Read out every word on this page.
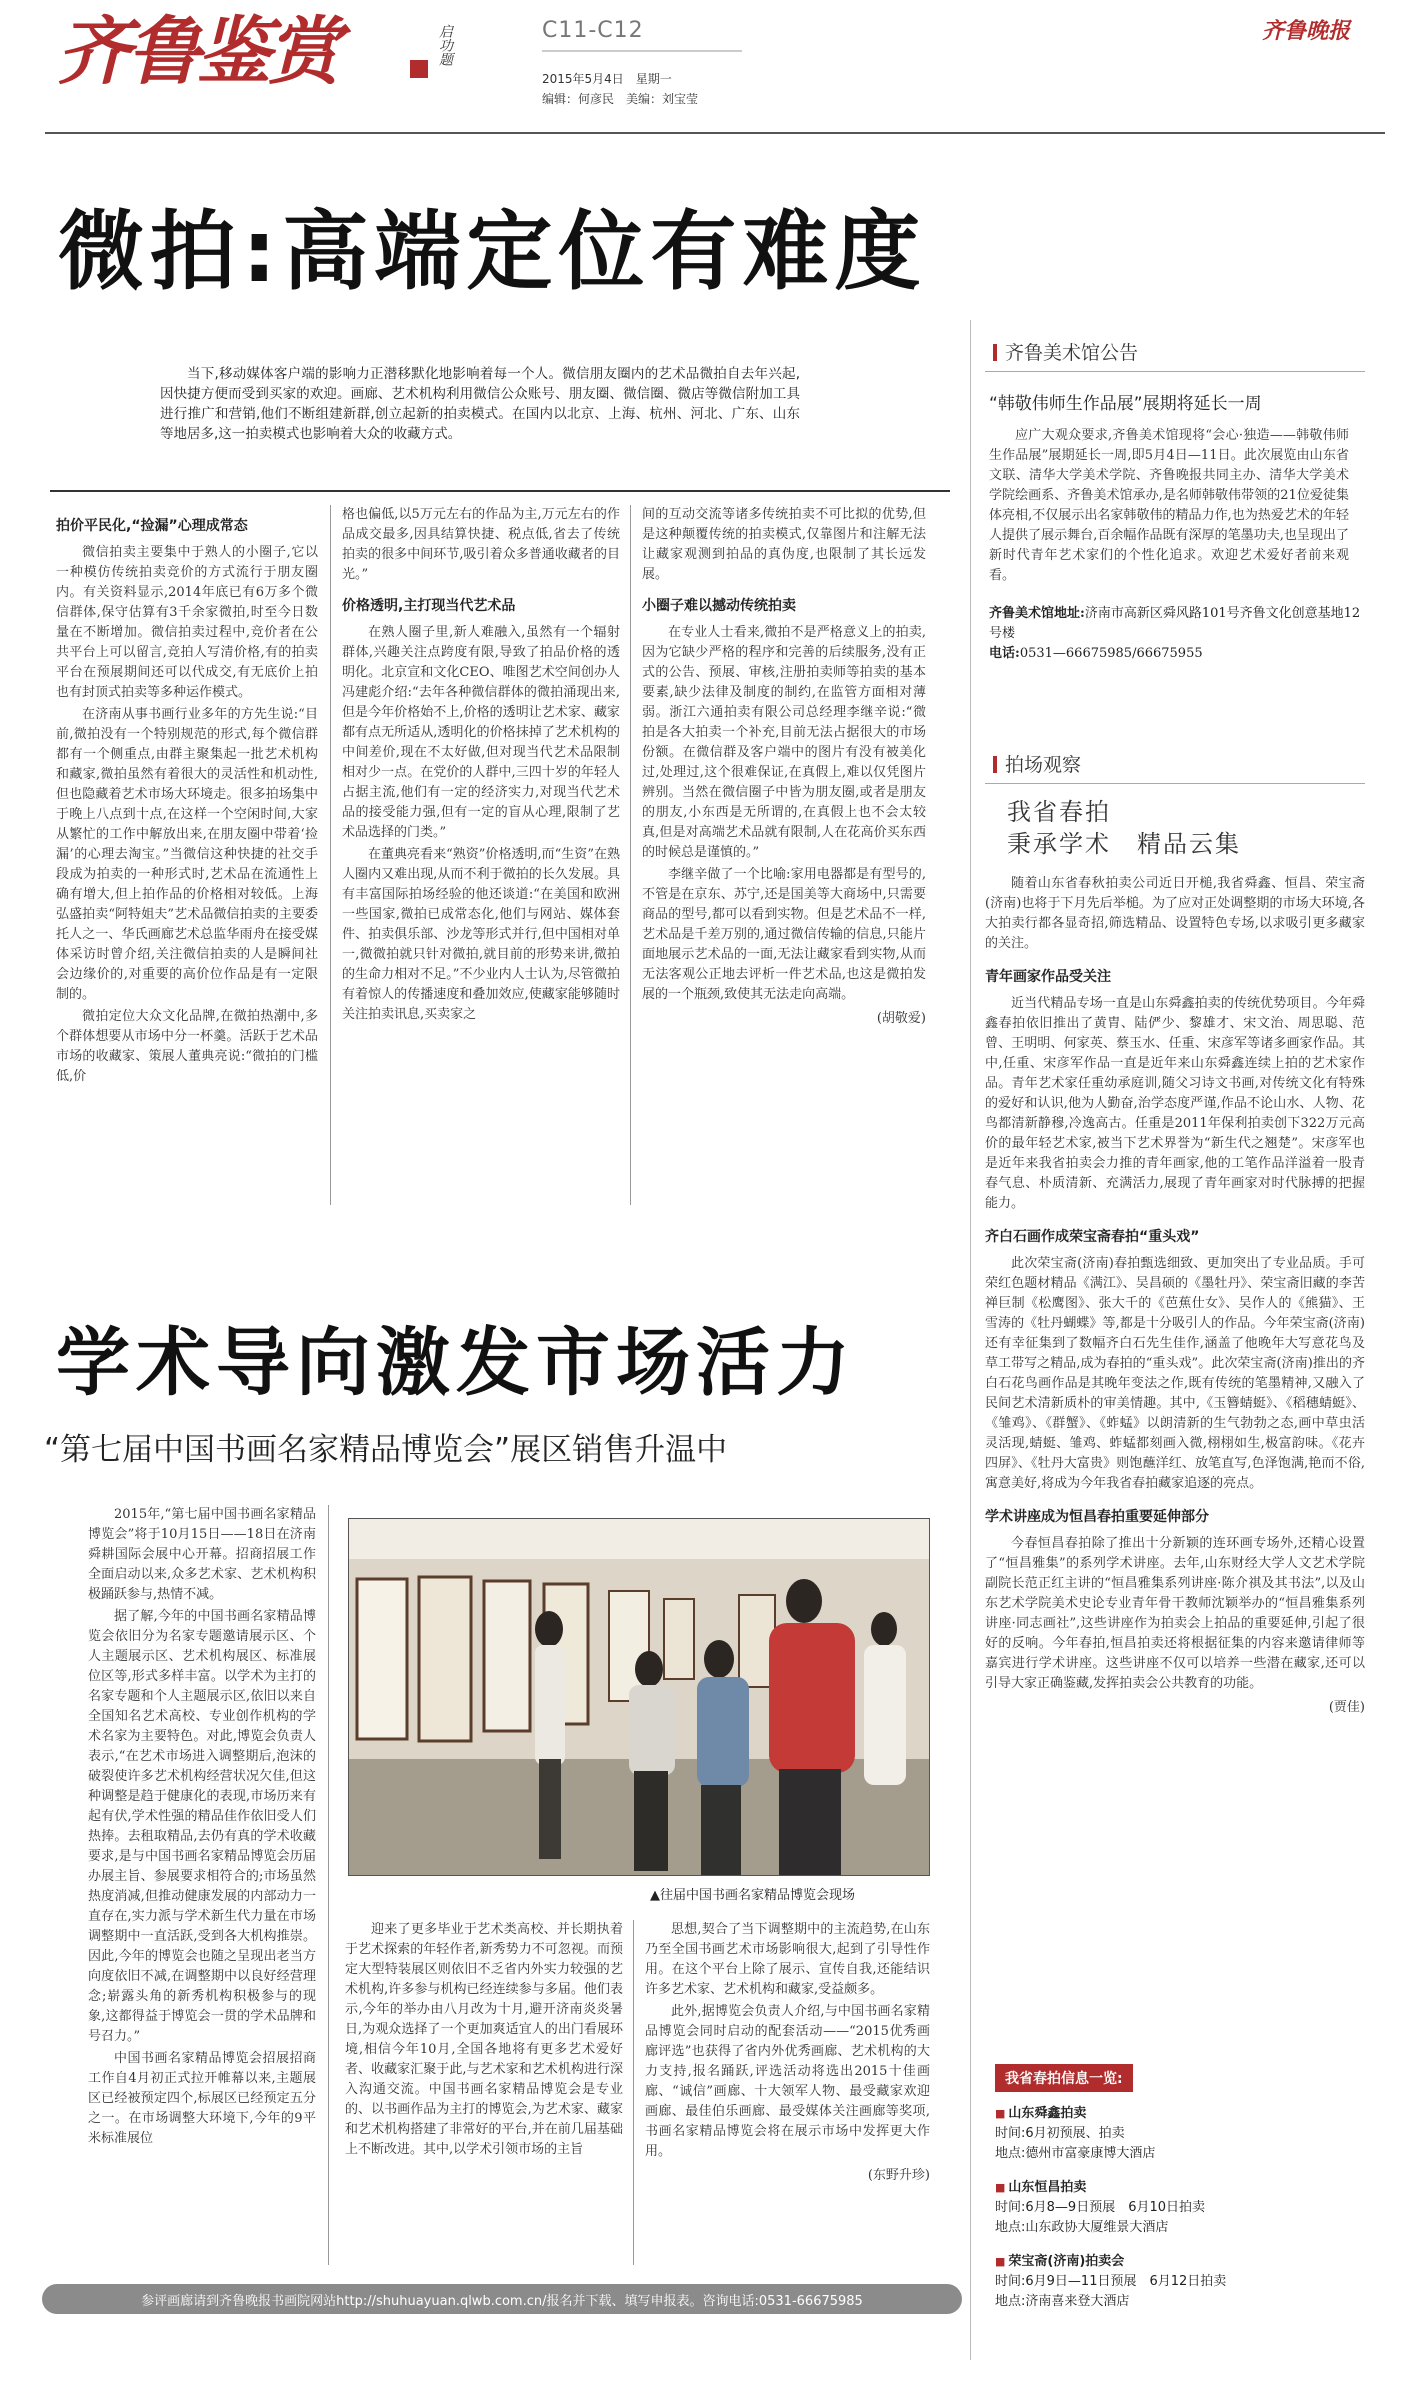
齐鲁鉴赏	启功题	C11-C12
2015年5月4日　星期一
编辑：何彦民　美编：刘宝莹
齐鲁晚报
微拍:高端定位有难度
当下,移动媒体客户端的影响力正潜移默化地影响着每一个人。微信朋友圈内的艺术品微拍自去年兴起,因快捷方便而受到买家的欢迎。画廊、艺术机构利用微信公众账号、朋友圈、微信圈、微店等微信附加工具进行推广和营销,他们不断组建新群,创立起新的拍卖模式。在国内以北京、上海、杭州、河北、广东、山东等地居多,这一拍卖模式也影响着大众的收藏方式。
拍价平民化,“捡漏”心理成常态

微信拍卖主要集中于熟人的小圈子,它以一种模仿传统拍卖竞价的方式流行于朋友圈内。有关资料显示,2014年底已有6万多个微信群体,保守估算有3千余家微拍,时至今日数量在不断增加。微信拍卖过程中,竞价者在公共平台上可以留言,竞拍人写清价格,有的拍卖平台在预展期间还可以代成交,有无底价上拍也有封顶式拍卖等多种运作模式。

在济南从事书画行业多年的方先生说:“目前,微拍没有一个特别规范的形式,每个微信群都有一个侧重点,由群主聚集起一批艺术机构和藏家,微拍虽然有着很大的灵活性和机动性,但也隐藏着艺术市场大环境走。很多拍场集中于晚上八点到十点,在这样一个空闲时间,大家从繁忙的工作中解放出来,在朋友圈中带着‘捡漏’的心理去淘宝。”当微信这种快捷的社交手段成为拍卖的一种形式时,艺术品在流通性上确有增大,但上拍作品的价格相对较低。上海弘盛拍卖“阿特姐夫”艺术品微信拍卖的主要委托人之一、华氏画廊艺术总监华雨舟在接受媒体采访时曾介绍,关注微信拍卖的人是瞬间社会边缘价的,对重要的高价位作品是有一定限制的。

微拍定位大众文化品牌,在微拍热潮中,多个群体想要从市场中分一杯羹。活跃于艺术品市场的收藏家、策展人董典亮说:“微拍的门槛低,价

格也偏低,以5万元左右的作品为主,万元左右的作品成交最多,因具结算快捷、税点低,省去了传统拍卖的很多中间环节,吸引着众多普通收藏者的目光。”

价格透明,主打现当代艺术品

在熟人圈子里,新人难融入,虽然有一个辐射群体,兴趣关注点跨度有限,导致了拍品价格的透明化。北京宣和文化CEO、唯图艺术空间创办人冯建彪介绍:“去年各种微信群体的微拍涌现出来,但是今年价格始不上,价格的透明让艺术家、藏家都有点无所适从,透明化的价格抹掉了艺术机构的中间差价,现在不太好做,但对现当代艺术品限制相对少一点。在党价的人群中,三四十岁的年轻人占据主流,他们有一定的经济实力,对现当代艺术品的接受能力强,但有一定的盲从心理,限制了艺术品选择的门类。”

在董典亮看来“熟资”价格透明,而“生资”在熟人圈内又难出现,从而不利于微拍的长久发展。具有丰富国际拍场经验的他还谈道:“在美国和欧洲一些国家,微拍已成常态化,他们与网站、媒体套件、拍卖俱乐部、沙龙等形式并行,但中国相对单一,微微拍就只针对微拍,就目前的形势来讲,微拍的生命力相对不足。”不少业内人士认为,尽管微拍有着惊人的传播速度和叠加效应,使藏家能够随时关注拍卖讯息,买卖家之

间的互动交流等诸多传统拍卖不可比拟的优势,但是这种颠覆传统的拍卖模式,仅靠图片和注解无法让藏家观测到拍品的真伪度,也限制了其长远发展。

小圈子难以撼动传统拍卖

在专业人士看来,微拍不是严格意义上的拍卖,因为它缺少严格的程序和完善的后续服务,没有正式的公告、预展、审核,注册拍卖师等拍卖的基本要素,缺少法律及制度的制约,在监管方面相对薄弱。浙江六通拍卖有限公司总经理李继辛说:“微拍是各大拍卖一个补充,目前无法占据很大的市场份额。在微信群及客户端中的图片有没有被美化过,处理过,这个很难保证,在真假上,难以仅凭图片辨别。当然在微信圈子中皆为朋友圈,或者是朋友的朋友,小东西是无所谓的,在真假上也不会太较真,但是对高端艺术品就有限制,人在花高价买东西的时候总是谨慎的。”

李继辛做了一个比喻:家用电器都是有型号的,不管是在京东、苏宁,还是国美等大商场中,只需要商品的型号,都可以看到实物。但是艺术品不一样,艺术品是千差万别的,通过微信传输的信息,只能片面地展示艺术品的一面,无法让藏家看到实物,从而无法客观公正地去评析一件艺术品,也这是微拍发展的一个瓶颈,致使其无法走向高端。

(胡敬爱)
学术导向激发市场活力
“第七届中国书画名家精品博览会”展区销售升温中

2015年,“第七届中国书画名家精品博览会”将于10月15日——18日在济南舜耕国际会展中心开幕。招商招展工作全面启动以来,众多艺术家、艺术机构积极踊跃参与,热情不减。

据了解,今年的中国书画名家精品博览会依旧分为名家专题邀请展示区、个人主题展示区、艺术机构展区、标准展位区等,形式多样丰富。以学术为主打的名家专题和个人主题展示区,依旧以来自全国知名艺术高校、专业创作机构的学术名家为主要特色。对此,博览会负责人表示,“在艺术市场进入调整期后,泡沫的破裂使许多艺术机构经营状况欠佳,但这种调整是趋于健康化的表现,市场历来有起有伏,学术性强的精品佳作依旧受人们热捧。去租取精品,去仍有真的学术收藏要求,是与中国书画名家精品博览会历届办展主旨、参展要求相符合的;市场虽然热度消减,但推动健康发展的内部动力一直存在,实力派与学术新生代力量在市场调整期中一直活跃,受到各大机构推崇。因此,今年的博览会也随之呈现出老当方向度依旧不减,在调整期中以良好经营理念;崭露头角的新秀机构积极参与的现象,这都得益于博览会一贯的学术品牌和号召力。”

中国书画名家精品博览会招展招商工作自4月初正式拉开帷幕以来,主题展区已经被预定四个,标展区已经预定五分之一。在市场调整大环境下,今年的9平米标准展位

▲往届中国书画名家精品博览会现场

迎来了更多毕业于艺术类高校、并长期执着于艺术探索的年轻作者,新秀势力不可忽视。而预定大型特装展区则依旧不乏省内外实力较强的艺术机构,许多参与机构已经连续参与多届。他们表示,今年的举办由八月改为十月,避开济南炎炎暑日,为观众选择了一个更加爽适宜人的出门看展环境,相信今年10月,全国各地将有更多艺术爱好者、收藏家汇聚于此,与艺术家和艺术机构进行深入沟通交流。中国书画名家精品博览会是专业的、以书画作品为主打的博览会,为艺术家、藏家和艺术机构搭建了非常好的平台,并在前几届基础上不断改进。其中,以学术引领市场的主旨

思想,契合了当下调整期中的主流趋势,在山东乃至全国书画艺术市场影响很大,起到了引导性作用。在这个平台上除了展示、宣传自我,还能结识许多艺术家、艺术机构和藏家,受益颇多。

此外,据博览会负责人介绍,与中国书画名家精品博览会同时启动的配套活动——“2015优秀画廊评选”也获得了省内外优秀画廊、艺术机构的大力支持,报名踊跃,评选活动将选出2015十佳画廊、“诚信”画廊、十大领军人物、最受藏家欢迎画廊、最佳伯乐画廊、最受媒体关注画廊等奖项,书画名家精品博览会将在展示市场中发挥更大作用。

(东野升珍)
参评画廊请到齐鲁晚报书画院网站http://shuhuayuan.qlwb.com.cn/报名并下载、填写申报表。咨询电话:0531-66675985
齐鲁美术馆公告
“韩敬伟师生作品展”展期将延长一周

应广大观众要求,齐鲁美术馆现将“会心·独造——韩敬伟师生作品展”展期延长一周,即5月4日—11日。此次展览由山东省文联、清华大学美术学院、齐鲁晚报共同主办、清华大学美术学院绘画系、齐鲁美术馆承办,是名师韩敬伟带领的21位爱徒集体亮相,不仅展示出名家韩敬伟的精品力作,也为热爱艺术的年轻人提供了展示舞台,百余幅作品既有深厚的笔墨功夫,也呈现出了新时代青年艺术家们的个性化追求。欢迎艺术爱好者前来观看。

齐鲁美术馆地址:济南市高新区舜风路101号齐鲁文化创意基地12号楼
电话:0531—66675985/66675955
拍场观察
我省春拍
秉承学术　精品云集

随着山东省春秋拍卖公司近日开槌,我省舜鑫、恒昌、荣宝斋(济南)也将于下月先后举槌。为了应对正处调整期的市场大环境,各大拍卖行都各显奇招,筛选精品、设置特色专场,以求吸引更多藏家的关注。

青年画家作品受关注

近当代精品专场一直是山东舜鑫拍卖的传统优势项目。今年舜鑫春拍依旧推出了黄胄、陆俨少、黎雄才、宋文治、周思聪、范曾、王明明、何家英、蔡玉水、任重、宋彦军等诸多画家作品。其中,任重、宋彦军作品一直是近年来山东舜鑫连续上拍的艺术家作品。青年艺术家任重幼承庭训,随父习诗文书画,对传统文化有特殊的爱好和认识,他为人勤奋,治学态度严谨,作品不论山水、人物、花鸟都清新静穆,冷逸高古。任重是2011年保利拍卖创下322万元高价的最年轻艺术家,被当下艺术界誉为“新生代之翘楚”。宋彦军也是近年来我省拍卖会力推的青年画家,他的工笔作品洋溢着一股青春气息、朴质清新、充满活力,展现了青年画家对时代脉搏的把握能力。

齐白石画作成荣宝斋春拍“重头戏”

此次荣宝斋(济南)春拍甄选细致、更加突出了专业品质。手可荣红色题材精品《满江》、吴昌硕的《墨牡丹》、荣宝斋旧藏的李苦禅巨制《松鹰图》、张大千的《芭蕉仕女》、吴作人的《熊猫》、王雪涛的《牡丹蝴蝶》等,都是十分吸引人的作品。今年荣宝斋(济南)还有幸征集到了数幅齐白石先生佳作,涵盖了他晚年大写意花鸟及草工带写之精品,成为春拍的“重头戏”。此次荣宝斋(济南)推出的齐白石花鸟画作品是其晚年变法之作,既有传统的笔墨精神,又融入了民间艺术清新质朴的审美情趣。其中,《玉簪蜻蜓》、《稻穗蜻蜓》、《雏鸡》、《群蟹》、《蚱蜢》以朗清新的生气勃勃之态,画中草虫活灵活现,蜻蜓、雏鸡、蚱蜢都刻画入微,栩栩如生,极富韵味。《花卉四屏》、《牡丹大富贵》则饱蘸洋红、放笔直写,色泽饱满,艳而不俗,寓意美好,将成为今年我省春拍藏家追逐的亮点。

学术讲座成为恒昌春拍重要延伸部分

今春恒昌春拍除了推出十分新颖的连环画专场外,还精心设置了“恒昌雅集”的系列学术讲座。去年,山东财经大学人文艺术学院副院长范正红主讲的“恒昌雅集系列讲座·陈介祺及其书法”,以及山东艺术学院美术史论专业青年骨干教师沈颖举办的“恒昌雅集系列讲座·同志画社”,这些讲座作为拍卖会上拍品的重要延伸,引起了很好的反响。今年春拍,恒昌拍卖还将根据征集的内容来邀请律师等嘉宾进行学术讲座。这些讲座不仅可以培养一些潜在藏家,还可以引导大家正确鉴藏,发挥拍卖会公共教育的功能。

(贾佳)
我省春拍信息一览:
■ 山东舜鑫拍卖
时间:6月初预展、拍卖
地点:德州市富豪康博大酒店
■ 山东恒昌拍卖
时间:6月8—9日预展　6月10日拍卖
地点:山东政协大厦维景大酒店
■ 荣宝斋(济南)拍卖会
时间:6月9日—11日预展　6月12日拍卖
地点:济南喜来登大酒店
